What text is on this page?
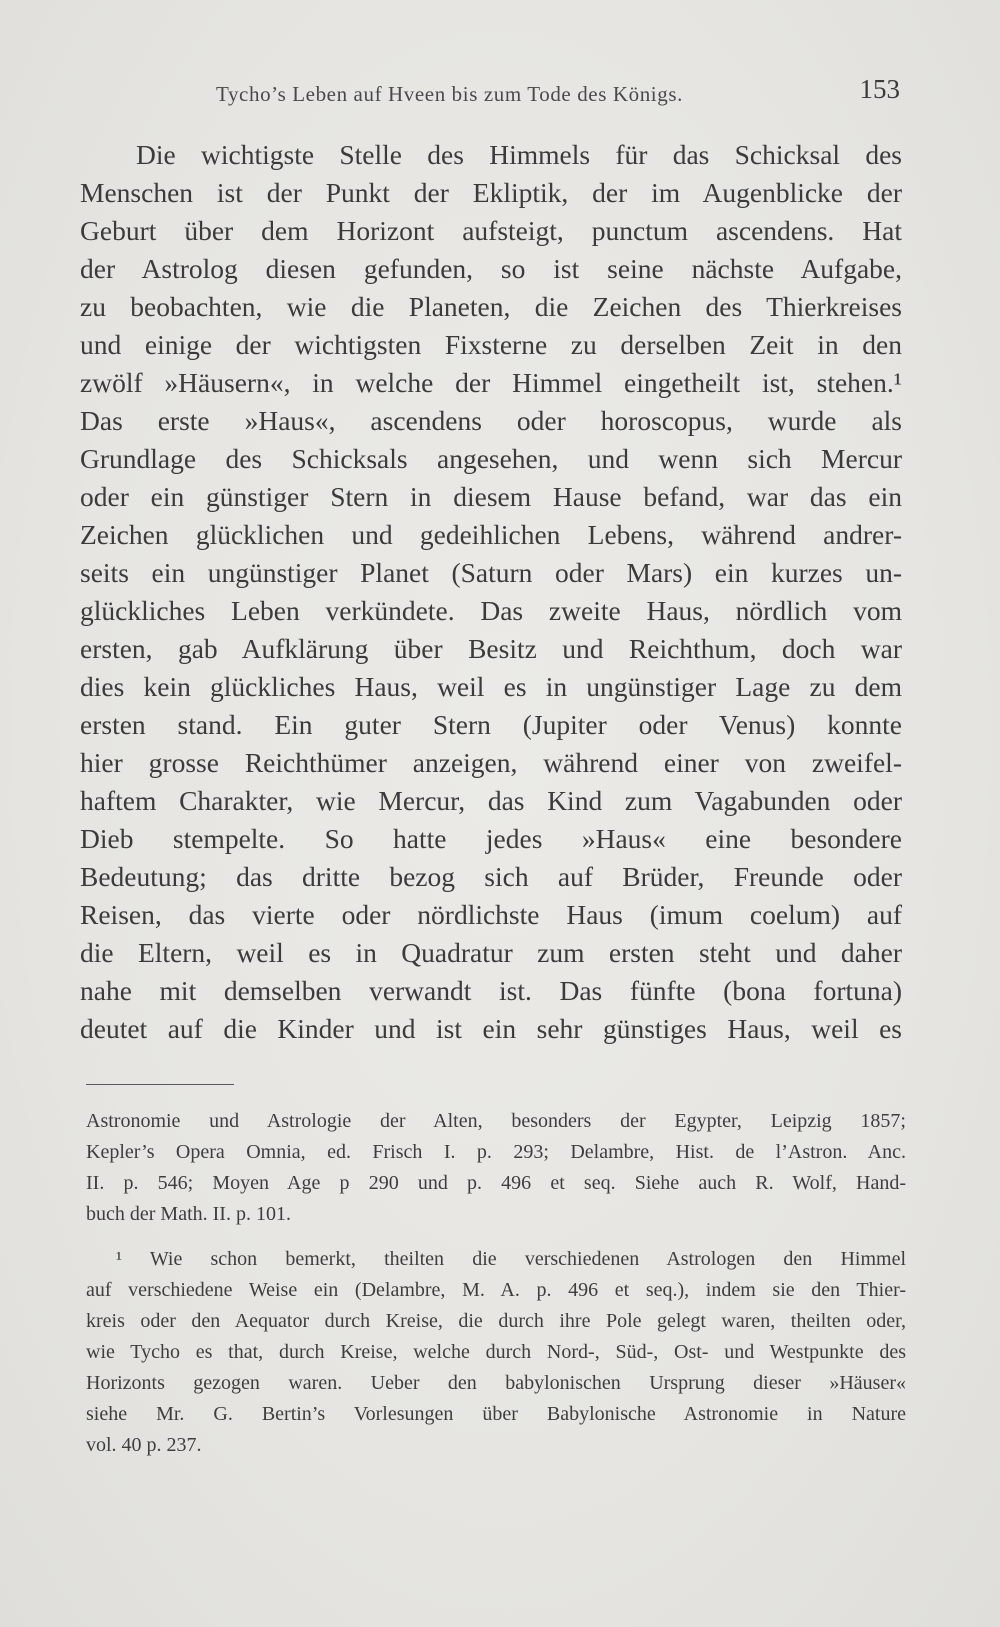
Tycho’s Leben auf Hveen bis zum Tode des Königs.	153
Die wichtigste Stelle des Himmels für das Schicksal des
Menschen ist der Punkt der Ekliptik, der im Augenblicke der
Geburt über dem Horizont aufsteigt, punctum ascendens. Hat
der Astrolog diesen gefunden, so ist seine nächste Aufgabe,
zu beobachten, wie die Planeten, die Zeichen des Thierkreises
und einige der wichtigsten Fixsterne zu derselben Zeit in den
zwölf »Häusern«, in welche der Himmel eingetheilt ist, stehen.¹
Das erste »Haus«, ascendens oder horoscopus, wurde als
Grundlage des Schicksals angesehen, und wenn sich Mercur
oder ein günstiger Stern in diesem Hause befand, war das ein
Zeichen glücklichen und gedeihlichen Lebens, während andrer-
seits ein ungünstiger Planet (Saturn oder Mars) ein kurzes un-
glückliches Leben verkündete. Das zweite Haus, nördlich vom
ersten, gab Aufklärung über Besitz und Reichthum, doch war
dies kein glückliches Haus, weil es in ungünstiger Lage zu dem
ersten stand. Ein guter Stern (Jupiter oder Venus) konnte
hier grosse Reichthümer anzeigen, während einer von zweifel-
haftem Charakter, wie Mercur, das Kind zum Vagabunden oder
Dieb stempelte. So hatte jedes »Haus« eine besondere
Bedeutung; das dritte bezog sich auf Brüder, Freunde oder
Reisen, das vierte oder nördlichste Haus (imum coelum) auf
die Eltern, weil es in Quadratur zum ersten steht und daher
nahe mit demselben verwandt ist. Das fünfte (bona fortuna)
deutet auf die Kinder und ist ein sehr günstiges Haus, weil es
Astronomie und Astrologie der Alten, besonders der Egypter, Leipzig 1857;
Kepler’s Opera Omnia, ed. Frisch I. p. 293; Delambre, Hist. de l’Astron. Anc.
II. p. 546; Moyen Age p 290 und p. 496 et seq. Siehe auch R. Wolf, Hand-
buch der Math. II. p. 101.
¹ Wie schon bemerkt, theilten die verschiedenen Astrologen den Himmel
auf verschiedene Weise ein (Delambre, M. A. p. 496 et seq.), indem sie den Thier-
kreis oder den Aequator durch Kreise, die durch ihre Pole gelegt waren, theilten oder,
wie Tycho es that, durch Kreise, welche durch Nord-, Süd-, Ost- und Westpunkte des
Horizonts gezogen waren. Ueber den babylonischen Ursprung dieser »Häuser«
siehe Mr. G. Bertin’s Vorlesungen über Babylonische Astronomie in Nature
vol. 40 p. 237.
